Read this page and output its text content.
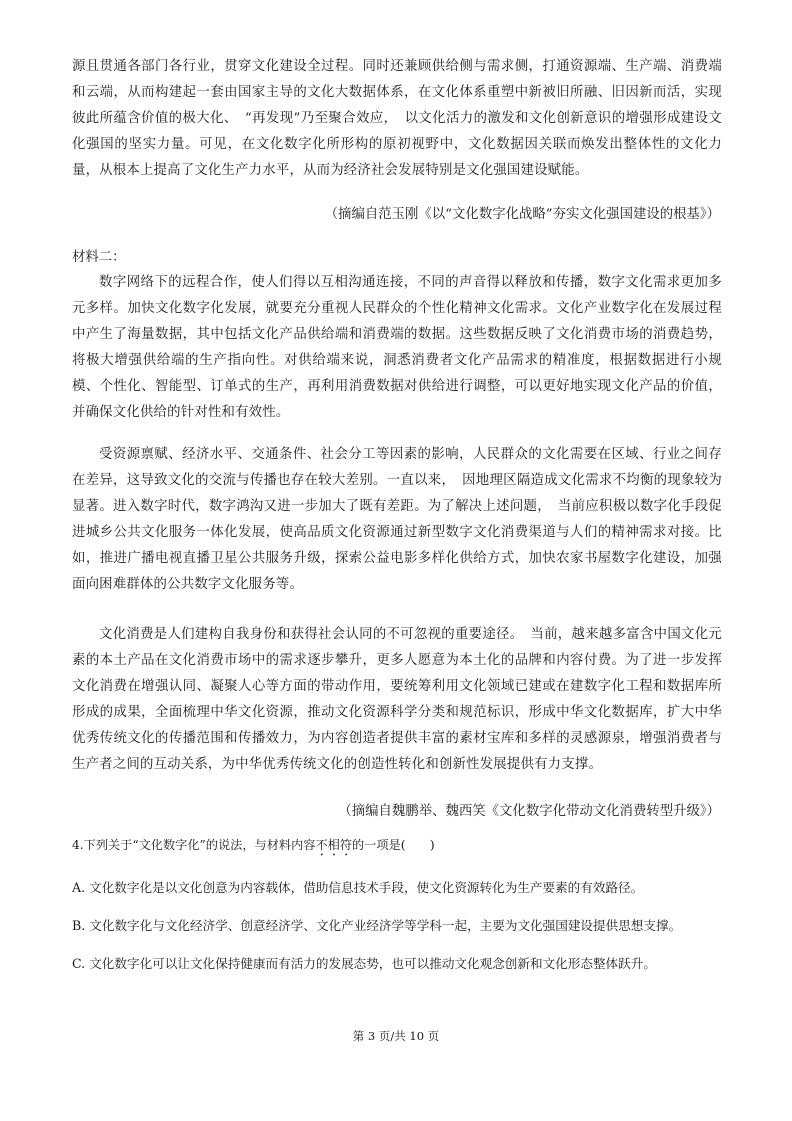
源且贯通各部门各行业，贯穿文化建设全过程。同时还兼顾供给侧与需求侧，打通资源端、生产端、消费端和云端，从而构建起一套由国家主导的文化大数据体系，在文化体系重塑中新被旧所融、旧因新而活，实现彼此所蕴含价值的极大化、　“再发现”乃至聚合效应，　以文化活力的激发和文化创新意识的增强形成建设文化强国的坚实力量。可见，在文化数字化所形构的原初视野中，文化数据因关联而焕发出整体性的文化力量，从根本上提高了文化生产力水平，从而为经济社会发展特别是文化强国建设赋能。

（摘编自范玉刚《以“文化数字化战略”夯实文化强国建设的根基》）
材料二：

数字网络下的远程合作，使人们得以互相沟通连接，不同的声音得以释放和传播，数字文化需求更加多元多样。加快文化数字化发展，就要充分重视人民群众的个性化精神文化需求。文化产业数字化在发展过程中产生了海量数据，其中包括文化产品供给端和消费端的数据。这些数据反映了文化消费市场的消费趋势，将极大增强供给端的生产指向性。对供给端来说，洞悉消费者文化产品需求的精准度，根据数据进行小规模、个性化、智能型、订单式的生产，再利用消费数据对供给进行调整，可以更好地实现文化产品的价值，并确保文化供给的针对性和有效性。

受资源禀赋、经济水平、交通条件、社会分工等因素的影响，人民群众的文化需要在区域、行业之间存在差异，这导致文化的交流与传播也存在较大差别。一直以来，　因地理区隔造成文化需求不均衡的现象较为显著。进入数字时代，数字鸿沟又进一步加大了既有差距。为了解决上述问题，　当前应积极以数字化手段促进城乡公共文化服务一体化发展，使高品质文化资源通过新型数字文化消费渠道与人们的精神需求对接。比如，推进广播电视直播卫星公共服务升级，探索公益电影多样化供给方式，加快农家书屋数字化建设，加强面向困难群体的公共数字文化服务等。

文化消费是人们建构自我身份和获得社会认同的不可忽视的重要途径。　当前，越来越多富含中国文化元素的本土产品在文化消费市场中的需求逐步攀升，更多人愿意为本土化的品牌和内容付费。为了进一步发挥文化消费在增强认同、凝聚人心等方面的带动作用，要统筹利用文化领域已建或在建数字化工程和数据库所形成的成果，全面梳理中华文化资源，推动文化资源科学分类和规范标识，形成中华文化数据库，扩大中华优秀传统文化的传播范围和传播效力，为内容创造者提供丰富的素材宝库和多样的灵感源泉，增强消费者与生产者之间的互动关系，为中华优秀传统文化的创造性转化和创新性发展提供有力支撑。

（摘编自魏鹏举、魏西笑《文化数字化带动文化消费转型升级》）
4.下列关于“文化数字化”的说法，与材料内容不相符的一项是(　　)
A. 文化数字化是以文化创意为内容载体，借助信息技术手段，使文化资源转化为生产要素的有效路径。
B. 文化数字化与文化经济学、创意经济学、文化产业经济学等学科一起，主要为文化强国建设提供思想支撑。
C. 文化数字化可以让文化保持健康而有活力的发展态势，也可以推动文化观念创新和文化形态整体跃升。
第 3 页/共 10 页
